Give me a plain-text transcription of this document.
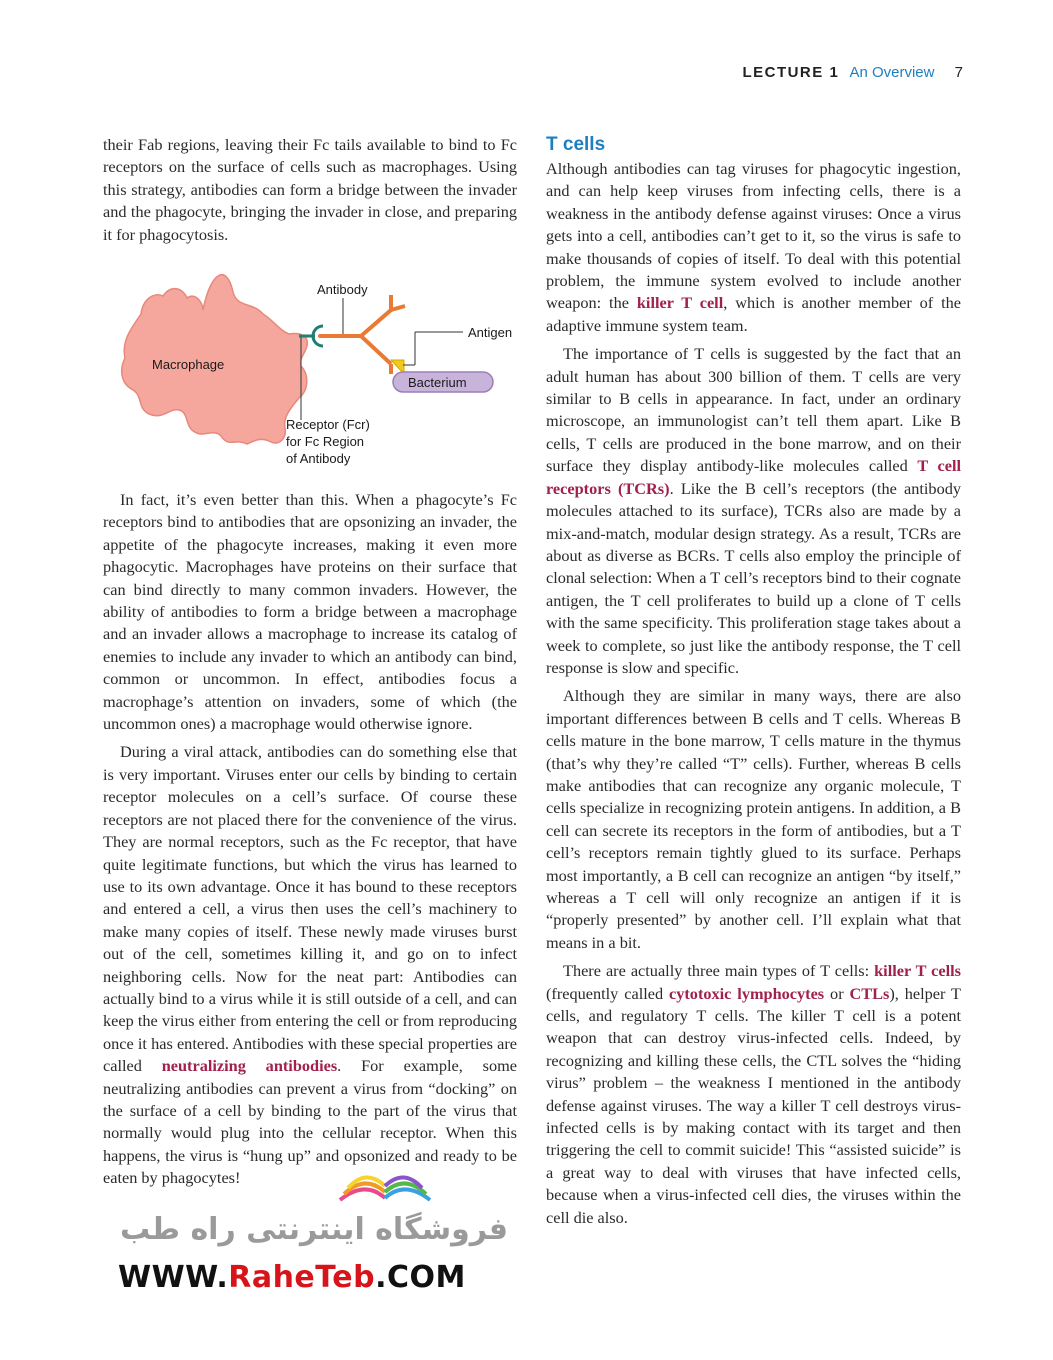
LECTURE 1 An Overview 7

their Fab regions, leaving their Fc tails available to bind to Fc receptors on the surface of cells such as macrophages. Using this strategy, antibodies can form a bridge between the invader and the phagocyte, bringing the invader in close, and preparing it for phagocytosis.

Antibody
Antigen
Macrophage
Bacterium
Receptor (Fcr)
for Fc Region
of Antibody

In fact, it’s even better than this. When a phagocyte’s Fc receptors bind to antibodies that are opsonizing an invader, the appetite of the phagocyte increases, making it even more phagocytic. Macrophages have proteins on their surface that can bind directly to many common invaders. However, the ability of antibodies to form a bridge between a macrophage and an invader allows a macrophage to increase its catalog of enemies to include any invader to which an antibody can bind, common or uncommon. In effect, antibodies focus a macrophage’s attention on invaders, some of which (the uncommon ones) a macrophage would otherwise ignore.

During a viral attack, antibodies can do something else that is very important. Viruses enter our cells by binding to certain receptor molecules on a cell’s surface. Of course these receptors are not placed there for the convenience of the virus. They are normal receptors, such as the Fc receptor, that have quite legitimate functions, but which the virus has learned to use to its own advantage. Once it has bound to these receptors and entered a cell, a virus then uses the cell’s machinery to make many copies of itself. These newly made viruses burst out of the cell, sometimes killing it, and go on to infect neighboring cells. Now for the neat part: Antibodies can actually bind to a virus while it is still outside of a cell, and can keep the virus either from entering the cell or from reproducing once it has entered. Antibodies with these special properties are called neutralizing antibodies. For example, some neutralizing antibodies can prevent a virus from “docking” on the surface of a cell by binding to the part of the virus that normally would plug into the cellular receptor. When this happens, the virus is “hung up” and opsonized and ready to be eaten by phagocytes!

T cells

Although antibodies can tag viruses for phagocytic ingestion, and can help keep viruses from infecting cells, there is a weakness in the antibody defense against viruses: Once a virus gets into a cell, antibodies can’t get to it, so the virus is safe to make thousands of copies of itself. To deal with this potential problem, the immune system evolved to include another weapon: the killer T cell, which is another member of the adaptive immune system team.

The importance of T cells is suggested by the fact that an adult human has about 300 billion of them. T cells are very similar to B cells in appearance. In fact, under an ordinary microscope, an immunologist can’t tell them apart. Like B cells, T cells are produced in the bone marrow, and on their surface they display antibody-like molecules called T cell receptors (TCRs). Like the B cell’s receptors (the antibody molecules attached to its surface), TCRs also are made by a mix-and-match, modular design strategy. As a result, TCRs are about as diverse as BCRs. T cells also employ the principle of clonal selection: When a T cell’s receptors bind to their cognate antigen, the T cell proliferates to build up a clone of T cells with the same specificity. This proliferation stage takes about a week to complete, so just like the antibody response, the T cell response is slow and specific.

Although they are similar in many ways, there are also important differences between B cells and T cells. Whereas B cells mature in the bone marrow, T cells mature in the thymus (that’s why they’re called “T” cells). Further, whereas B cells make antibodies that can recognize any organic molecule, T cells specialize in recognizing protein antigens. In addition, a B cell can secrete its receptors in the form of antibodies, but a T cell’s receptors remain tightly glued to its surface. Perhaps most importantly, a B cell can recognize an antigen “by itself,” whereas a T cell will only recognize an antigen if it is “properly presented” by another cell. I’ll explain what that means in a bit.

There are actually three main types of T cells: killer T cells (frequently called cytotoxic lymphocytes or CTLs), helper T cells, and regulatory T cells. The killer T cell is a potent weapon that can destroy virus-infected cells. Indeed, by recognizing and killing these cells, the CTL solves the “hiding virus” problem – the weakness I mentioned in the antibody defense against viruses. The way a killer T cell destroys virus-infected cells is by making contact with its target and then triggering the cell to commit suicide! This “assisted suicide” is a great way to deal with viruses that have infected cells, because when a virus-infected cell dies, the viruses within the cell die also.

فروشگاه اینترنتی راه طب
WWW.RaheTeb.COM
